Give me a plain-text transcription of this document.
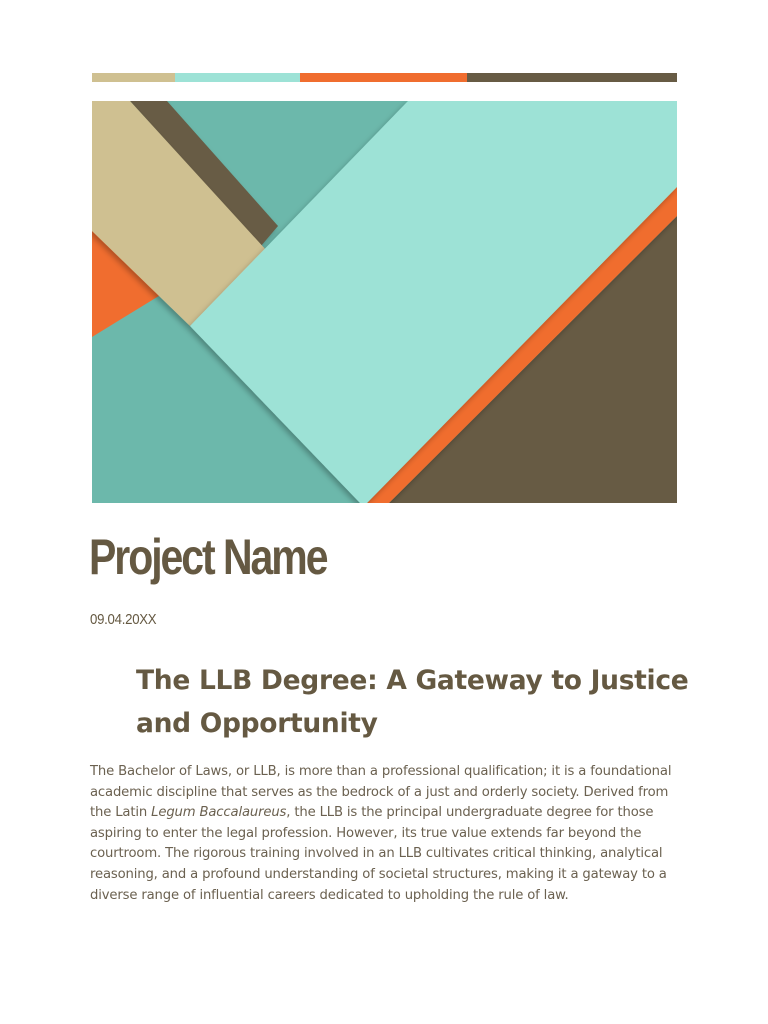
Project Name
09.04.20XX
The LLB Degree: A Gateway to Justice and Opportunity

The Bachelor of Laws, or LLB, is more than a professional qualification; it is a foundational academic discipline that serves as the bedrock of a just and orderly society. Derived from the Latin Legum Baccalaureus, the LLB is the principal undergraduate degree for those aspiring to enter the legal profession. However, its true value extends far beyond the courtroom. The rigorous training involved in an LLB cultivates critical thinking, analytical reasoning, and a profound understanding of societal structures, making it a gateway to a diverse range of influential careers dedicated to upholding the rule of law.
